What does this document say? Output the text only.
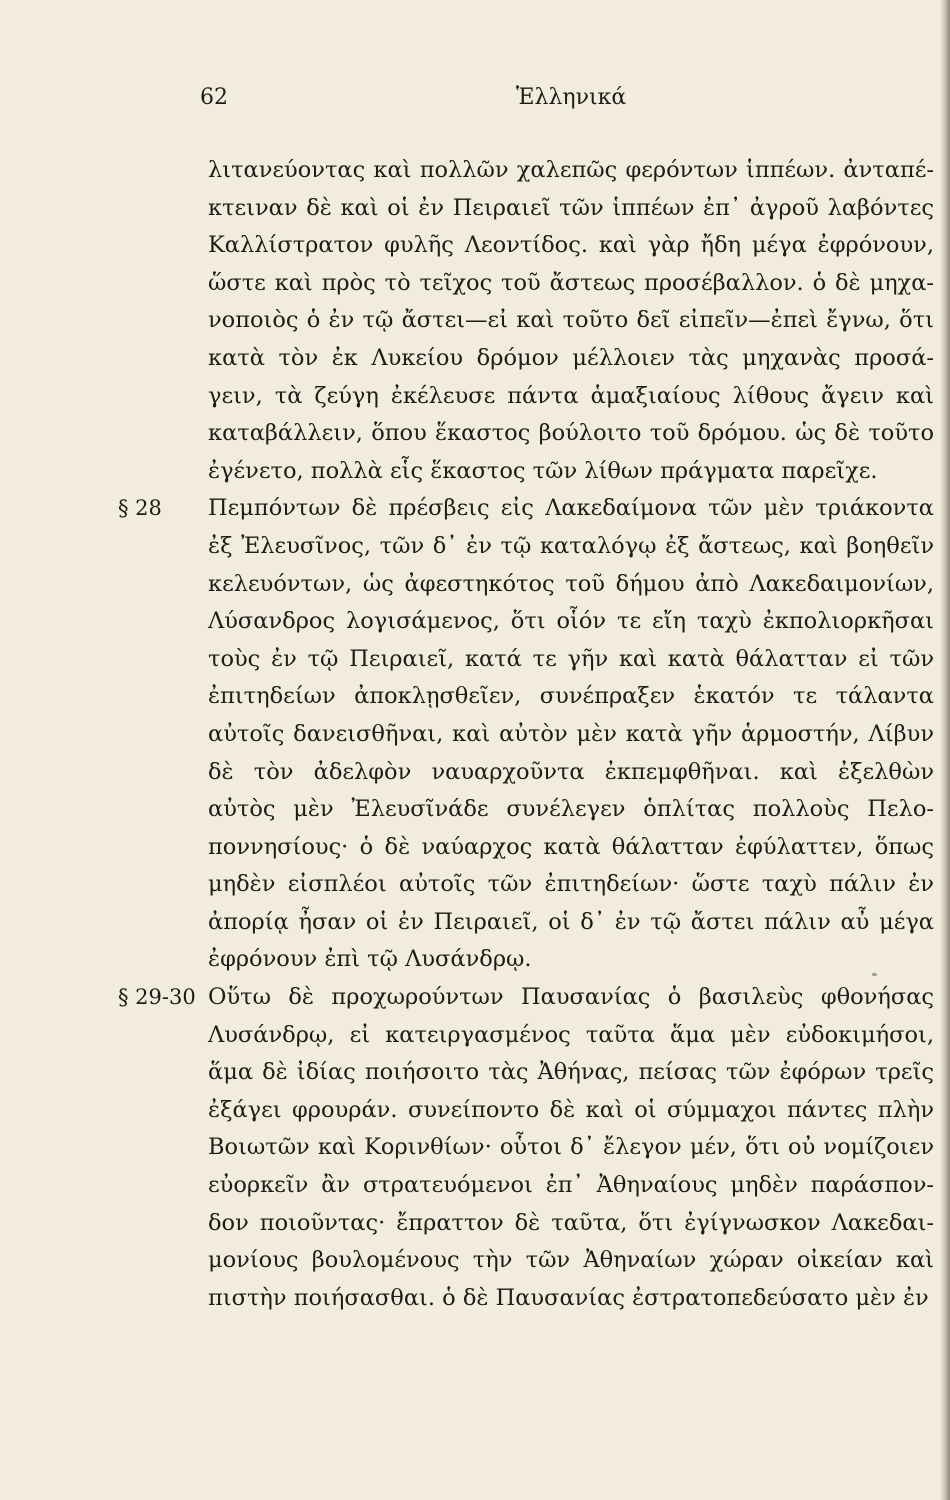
62	Ἑλληνικά
λιτανεύοντας καὶ πολλῶν χαλεπῶς φερόντων ἱππέων. ἀνταπέ-
κτειναν δὲ καὶ οἱ ἐν Πειραιεῖ τῶν ἱππέων ἐπ᾿ ἀγροῦ λαβόντες
Καλλίστρατον φυλῆς Λεοντίδος. καὶ γὰρ ἤδη μέγα ἐφρόνουν,
ὥστε καὶ πρὸς τὸ τεῖχος τοῦ ἄστεως προσέβαλλον. ὁ δὲ μηχα-
νοποιὸς ὁ ἐν τῷ ἄστει—εἰ καὶ τοῦτο δεῖ εἰπεῖν—ἐπεὶ ἔγνω, ὅτι
κατὰ τὸν ἐκ Λυκείου δρόμον μέλλοιεν τὰς μηχανὰς προσά-
γειν, τὰ ζεύγη ἐκέλευσε πάντα ἁμαξιαίους λίθους ἄγειν καὶ
καταβάλλειν, ὅπου ἕκαστος βούλοιτο τοῦ δρόμου. ὡς δὲ τοῦτο
ἐγένετο, πολλὰ εἷς ἕκαστος τῶν λίθων πράγματα παρεῖχε.
Πεμπόντων δὲ πρέσβεις εἰς Λακεδαίμονα τῶν μὲν τριάκοντα
ἐξ Ἐλευσῖνος, τῶν δ᾿ ἐν τῷ καταλόγῳ ἐξ ἄστεως, καὶ βοηθεῖν
κελευόντων, ὡς ἀφεστηκότος τοῦ δήμου ἀπὸ Λακεδαιμονίων,
Λύσανδρος λογισάμενος, ὅτι οἷόν τε εἴη ταχὺ ἐκπολιορκῆσαι
τοὺς ἐν τῷ Πειραιεῖ, κατά τε γῆν καὶ κατὰ θάλατταν εἰ τῶν
ἐπιτηδείων ἀποκλῃσθεῖεν, συνέπραξεν ἑκατόν τε τάλαντα
αὐτοῖς δανεισθῆναι, καὶ αὐτὸν μὲν κατὰ γῆν ἁρμοστήν, Λίβυν
δὲ τὸν ἀδελφὸν ναυαρχοῦντα ἐκπεμφθῆναι. καὶ ἐξελθὼν
αὐτὸς μὲν Ἐλευσῖνάδε συνέλεγεν ὁπλίτας πολλοὺς Πελο-
ποννησίους· ὁ δὲ ναύαρχος κατὰ θάλατταν ἐφύλαττεν, ὅπως
μηδὲν εἰσπλέοι αὐτοῖς τῶν ἐπιτηδείων· ὥστε ταχὺ πάλιν ἐν
ἀπορίᾳ ἦσαν οἱ ἐν Πειραιεῖ, οἱ δ᾿ ἐν τῷ ἄστει πάλιν αὖ μέγα
ἐφρόνουν ἐπὶ τῷ Λυσάνδρῳ.
Οὕτω δὲ προχωρούντων Παυσανίας ὁ βασιλεὺς φθονήσας
Λυσάνδρῳ, εἰ κατειργασμένος ταῦτα ἅμα μὲν εὐδοκιμήσοι,
ἅμα δὲ ἰδίας ποιήσοιτο τὰς Ἀθήνας, πείσας τῶν ἐφόρων τρεῖς
ἐξάγει φρουράν. συνείποντο δὲ καὶ οἱ σύμμαχοι πάντες πλὴν
Βοιωτῶν καὶ Κορινθίων· οὗτοι δ᾿ ἔλεγον μέν, ὅτι οὐ νομίζοιεν
εὐορκεῖν ἂν στρατευόμενοι ἐπ᾿ Ἀθηναίους μηδὲν παράσπον-
δον ποιοῦντας· ἔπραττον δὲ ταῦτα, ὅτι ἐγίγνωσκον Λακεδαι-
μονίους βουλομένους τὴν τῶν Ἀθηναίων χώραν οἰκείαν καὶ
πιστὴν ποιήσασθαι. ὁ δὲ Παυσανίας ἐστρατοπεδεύσατο μὲν ἐν
§ 28
§ 29-30
